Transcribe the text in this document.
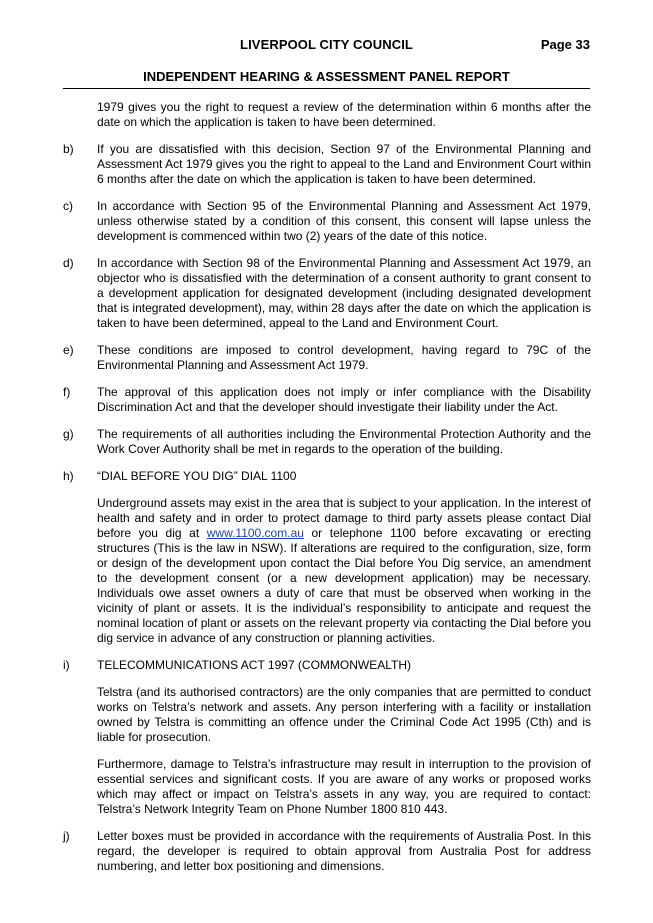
LIVERPOOL CITY COUNCIL	Page 33
INDEPENDENT HEARING & ASSESSMENT PANEL REPORT

1979 gives you the right to request a review of the determination within 6 months after the date on which the application is taken to have been determined.

b)	If you are dissatisfied with this decision, Section 97 of the Environmental Planning and Assessment Act 1979 gives you the right to appeal to the Land and Environment Court within 6 months after the date on which the application is taken to have been determined.
c)	In accordance with Section 95 of the Environmental Planning and Assessment Act 1979, unless otherwise stated by a condition of this consent, this consent will lapse unless the development is commenced within two (2) years of the date of this notice.
d)	In accordance with Section 98 of the Environmental Planning and Assessment Act 1979, an objector who is dissatisfied with the determination of a consent authority to grant consent to a development application for designated development (including designated development that is integrated development), may, within 28 days after the date on which the application is taken to have been determined, appeal to the Land and Environment Court.
e)	These conditions are imposed to control development, having regard to 79C of the Environmental Planning and Assessment Act 1979.
f)	The approval of this application does not imply or infer compliance with the Disability Discrimination Act and that the developer should investigate their liability under the Act.
g)	The requirements of all authorities including the Environmental Protection Authority and the Work Cover Authority shall be met in regards to the operation of the building.
h)	“DIAL BEFORE YOU DIG” DIAL 1100

Underground assets may exist in the area that is subject to your application. In the interest of health and safety and in order to protect damage to third party assets please contact Dial before you dig at www.1100.com.au or telephone 1100 before excavating or erecting structures (This is the law in NSW). If alterations are required to the configuration, size, form or design of the development upon contact the Dial before You Dig service, an amendment to the development consent (or a new development application) may be necessary. Individuals owe asset owners a duty of care that must be observed when working in the vicinity of plant or assets. It is the individual’s responsibility to anticipate and request the nominal location of plant or assets on the relevant property via contacting the Dial before you dig service in advance of any construction or planning activities.

i)	TELECOMMUNICATIONS ACT 1997 (COMMONWEALTH)

Telstra (and its authorised contractors) are the only companies that are permitted to conduct works on Telstra’s network and assets. Any person interfering with a facility or installation owned by Telstra is committing an offence under the Criminal Code Act 1995 (Cth) and is liable for prosecution.

Furthermore, damage to Telstra’s infrastructure may result in interruption to the provision of essential services and significant costs. If you are aware of any works or proposed works which may affect or impact on Telstra’s assets in any way, you are required to contact: Telstra’s Network Integrity Team on Phone Number 1800 810 443.

j)	Letter boxes must be provided in accordance with the requirements of Australia Post. In this regard, the developer is required to obtain approval from Australia Post for address numbering, and letter box positioning and dimensions.
